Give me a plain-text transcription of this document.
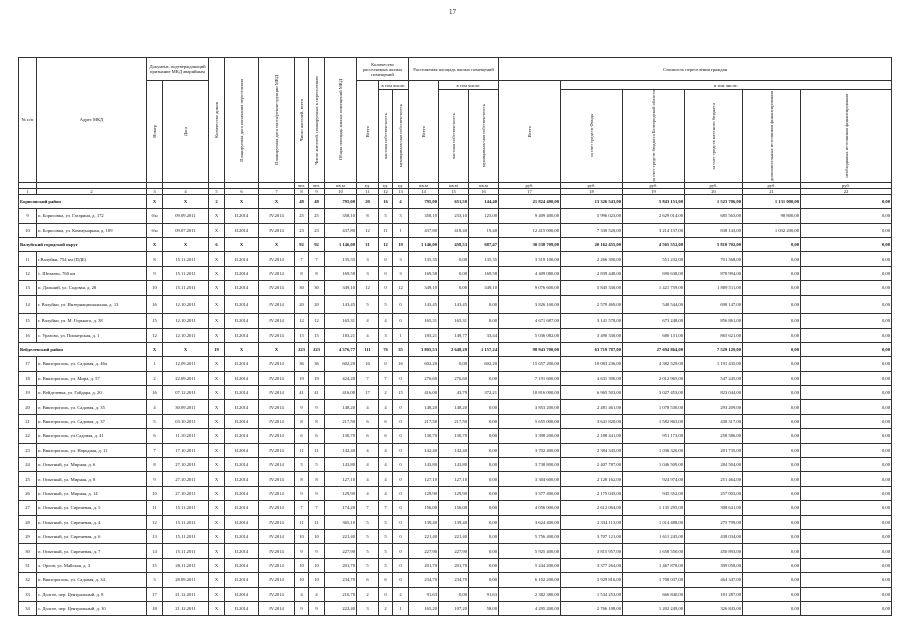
17
№ п/п	Адрес МКД	Документ, подтверждающий признание МКД аварийным		Количество домов	Планируемая дата окончания переселения	Планируемая дата сноса/реконструкции МКД	Число жителей, всего	Число жителей, планируемых к переселению	Общая площадь жилых помещений МКД	Количество расселяемых жилых помещений			Расселяемая площадь жилых помещений			Стоимость переселения граждан					

		Номер	Дата							Всего	в том числе:		Всего	в том числе:		Всего	в том числе:				

											частная собствен-ность	муниципаль-ная собствен-ность		частная собствен-ность	муниципаль-ная собствен-ность		за счет средств Фонда	за счет средств бюджета Белгородской области	за счет средств местного бюджета	дополнительных источников финансирования	необходимых источников финансирования

							чел.	чел.	кв.м	ед.	ед.	ед.	кв.м	кв.м	кв.м	руб.	руб.	руб.	руб.	руб.	руб.
1	2	3	4	5	6	7	8	9	10	11	12	13	14	15	16	17	18	19	20	21	22
Борисовский район		Х	Х	2	Х	Х	48	48	795,00	20	16	4	795,00	651,50	144,40	21 824 400,00	13 326 543,00	5 843 151,00	1 523 706,00	1 131 000,00	0,00
9	п. Борисовка, ул. Гагарина, д. 172	б/н	09.09.2011	Х	II.2014	IV.2014	25	25	358,10	8	5	3	358,10	233,10	125,00	9 409 400,00	5 996 023,00	2 629 014,00	685 563,00	98 800,00	0,00
10	п. Борисовка, ул. Коммунарная, д. 109	б/н	09.07.2011	Х	II.2014	IV.2014	23	23	437,80	12	11	1	437,80	418,40	19,40	12 415 000,00	7 330 520,00	3 214 137,00	838 143,00	1 032 200,00	0,00
Валуйский городской округ		Х	Х	6	Х	Х	92	92	1 146,00	31	12	19	1 146,00	458,53	687,47	30 538 709,00	20 162 455,00	4 565 552,00	5 810 702,00	0,00	0,00
11	г.Валуйки, 754 км (ПДБ)	8	15.11.2011	Х	II.2014	IV.2014	7	7	135,35	3	0	3	135,35	0,00	135,35	3 519 100,00	2 266 300,00	551 232,00	701 568,00	0,00	0,00
12	с. Шелаево, 760 км	9	15.11.2011	Х	II.2014	IV.2014	8	8	169,58	3	0	3	169,58	0,00	169,58	4 409 080,00	2 839 448,00	690 638,00	878 994,00	0,00	0,00
13	п. Дальний, ул. Садовая, д. 28	10	15.11.2011	Х	II.2014	IV.2014	30	30	349,10	12	0	12	349,10	0,00	349,10	9 076 600,00	5 845 330,00	1 421 759,00	1 809 511,00	0,00	0,00
14	г. Валуйки, ул. Интернациональная, д. 13	16	12.10.2011	Х	II.2014	IV.2014	20	20	143,45	5	5	0	143,45	143,45	0,00	3 826 160,00	2 579 469,00	548 544,00	698 147,00	0,00	0,00
15	г. Валуйки, ул. М. Горького, д. 38	15	12.10.2011	Х	II.2014	IV.2014	12	12	165,31	4	4	0	165,31	165,31	0,00	4 671 687,00	3 141 578,00	673 248,00	856 861,00	0,00	0,00
16	с. Уразово, ул. Пионерская, д. 1	12	12.10.2011	Х	II.2014	IV.2014	15	15	183,21	4	3	1	183,21	149,77	33,44	5 036 082,00	3 490 330,00	680 131,00	865 621,00	0,00	0,00
Вейделевский район		Х	Х	19	Х	Х	223	223	4 376,77	111	76	35	3 805,53	2 648,29	1 157,24	98 943 700,00	63 719 787,00	27 694 864,00	7 529 129,00	0,00	0,00
17	п. Викторополь, ул. Садовая, д. 46а	1	12.09.2011	Х	II.2014	IV.2014	36	36	602,20	16	0	16	602,20	0,00	602,20	15 657 200,00	10 083 236,00	4 382 529,00	1 191 435,00	0,00	0,00
18	п. Викторополь, ул. Мира, д. 57	2	22.09.2011	Х	II.2014	IV.2014	19	19	424,20	7	7	0	276,60	276,60	0,00	7 191 600,00	4 631 390,00	2 012 965,00	547 245,00	0,00	0,00
19	п. Вейделевка, ул. Гайдара, д. 20	16	07.12.2011	Х	II.2014	IV.2014	41	41	416,00	17	2	15	416,00	43,79	372,21	10 816 000,00	6 965 503,00	3 027 453,00	823 044,00	0,00	0,00
20	п. Викторополь, ул. Садовая, д. 35	4	30.09.2011	Х	II.2014	IV.2014	9	9	148,20	4	4	0	148,20	148,20	0,00	3 853 200,00	2 481 461,00	1 078 530,00	293 209,00	0,00	0,00
21	п. Викторополь, ул. Садовая, д. 37	5	03.10.2011	Х	II.2014	IV.2014	8	8	217,50	6	6	0	217,50	217,50	0,00	5 655 000,00	3 641 820,00	1 582 863,00	430 317,00	0,00	0,00
22	п. Викторополь, ул.Садовая, д. 41	6	11.10.2011	Х	II.2014	IV.2014	6	6	130,70	6	6	0	130,70	130,70	0,00	3 398 200,00	2 188 441,00	951 173,00	258 586,00	0,00	0,00
23	п. Викторополь, ул. Народная, д. 11	7	17.10.2011	Х	II.2014	IV.2014	11	11	142,40	4	4	0	142,40	142,40	0,00	3 702 400,00	2 384 345,00	1 036 320,00	281 735,00	0,00	0,00
24	п. Опытный, ул. Мирная, д. 6	8	27.10.2011	Х	II.2014	IV.2014	5	5	143,80	4	4	0	143,80	143,80	0,00	3 738 800,00	2 407 787,00	1 046 509,00	284 504,00	0,00	0,00
25	п. Опытный, ул. Мирная, д. 8	9	27.10.2011	Х	II.2014	IV.2014	8	8	127,10	4	4	0	127,10	127,10	0,00	3 304 600,00	2 128 162,00	924 974,00	251 464,00	0,00	0,00
26	п. Опытный, ул. Мирная, д. 14	10	27.10.2011	Х	II.2014	IV.2014	9	9	129,90	4	4	0	129,90	129,90	0,00	3 377 400,00	2 175 045,00	945 352,00	257 003,00	0,00	0,00
27	п. Опытный, ул. Сиреневая, д. 5	11	15.11.2011	Х	II.2014	IV.2014	7	7	174,20	7	7	0	156,00	156,00	0,00	4 056 000,00	2 612 064,00	1 135 295,00	308 641,00	0,00	0,00
28	п. Опытный, ул. Сиреневая, д. 4	12	15.11.2011	Х	II.2014	IV.2014	11	11	365,10	5	5	0	139,40	139,40	0,00	3 624 400,00	2 334 113,00	1 014 488,00	275 799,00	0,00	0,00
29	п. Опытный, ул. Сиреневая, д. 6	13	15.11.2011	Х	II.2014	IV.2014	10	10	221,40	5	5	0	221,40	221,40	0,00	5 756 400,00	3 707 121,00	1 611 245,00	438 034,00	0,00	0,00
30	п. Опытный, ул. Сиреневая, д. 7	14	15.11.2011	Х	II.2014	IV.2014	9	9	227,90	5	5	0	227,90	227,90	0,00	5 925 400,00	3 815 957,00	1 658 550,00	450 893,00	0,00	0,00
31	х. Орлов, ул. Майская, д. 3	15	28.11.2011	Х	II.2014	IV.2014	10	10	201,70	5	5	0	201,70	201,70	0,00	5 244 200,00	3 377 264,00	1 467 878,00	399 058,00	0,00	0,00
32	п. Викторополь, ул. Садовая, д. 34	3	28.09.2011	Х	II.2014	IV.2014	10	10	234,70	6	6	0	234,70	234,70	0,00	6 102 200,00	3 929 816,00	1 708 037,00	464 347,00	0,00	0,00
33	с. Долгое, пер. Центральный, д. 8	17	21.12.2011	Х	II.2014	IV.2014	4	4	210,70	2	0	2	91,63	0,00	91,63	2 382 380,00	1 534 253,00	666 840,00	181 287,00	0,00	0,00
34	с. Долгое, пер. Центральный, д. 10	18	21.12.2011	Х	II.2014	IV.2014	9	9	222,40	3	2	1	165,20	107,20	58,00	4 295 200,00	2 766 108,00	1 202 249,00	326 843,00	0,00	0,00
